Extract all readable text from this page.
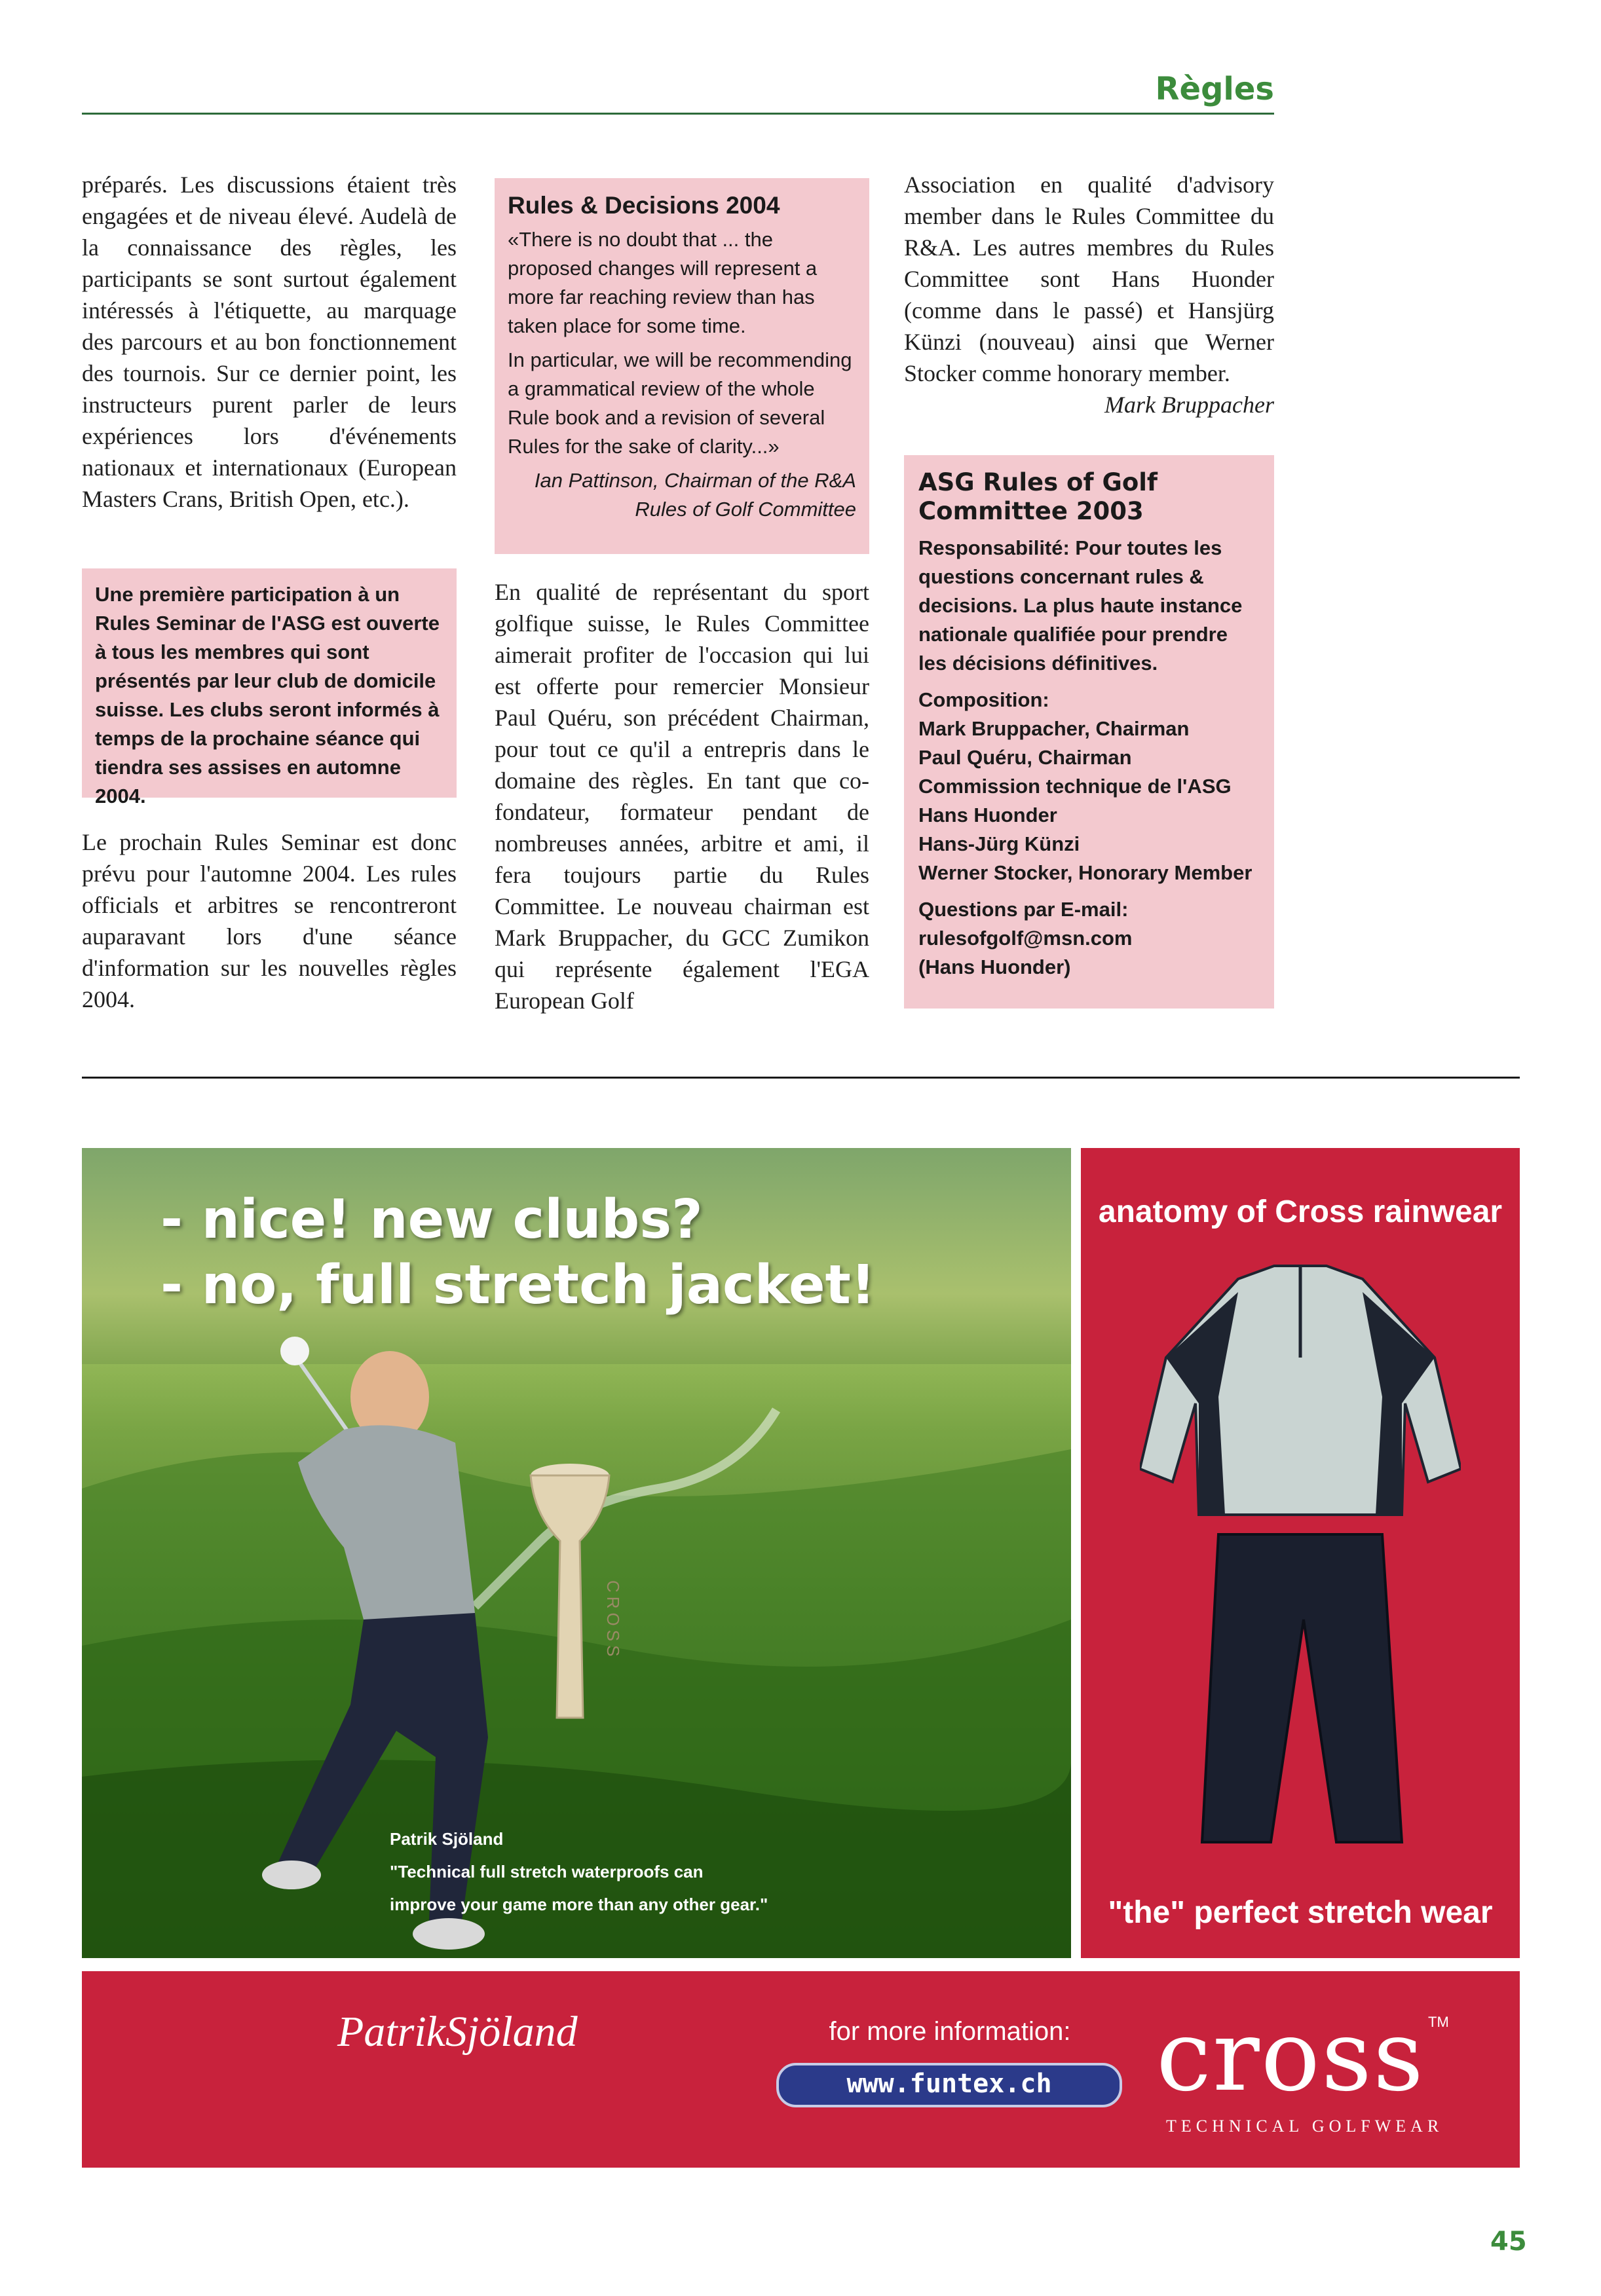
Règles

préparés. Les discussions étaient très engagées et de niveau élevé. Audelà de la connaissance des règles, les participants se sont surtout également intéressés à l'étiquette, au marquage des parcours et au bon fonctionnement des tournois. Sur ce dernier point, les instructeurs purent parler de leurs expériences lors d'événements nationaux et internationaux (European Masters Crans, British Open, etc.).

Une première participation à un Rules Seminar de l'ASG est ouverte à tous les membres qui sont présentés par leur club de domicile suisse. Les clubs seront informés à temps de la prochaine séance qui tiendra ses assises en automne 2004.

Le prochain Rules Seminar est donc prévu pour l'automne 2004. Les rules officials et arbitres se rencontreront auparavant lors d'une séance d'information sur les nouvelles règles 2004.

Rules & Decisions 2004
«There is no doubt that ... the proposed changes will represent a more far reaching review than has taken place for some time.
In particular, we will be recommending a grammatical review of the whole Rule book and a revision of several Rules for the sake of clarity...»
Ian Pattinson, Chairman of the R&A Rules of Golf Committee

En qualité de représentant du sport golfique suisse, le Rules Committee aimerait profiter de l'occasion qui lui est offerte pour remercier Monsieur Paul Quéru, son précédent Chairman, pour tout ce qu'il a entrepris dans le domaine des règles. En tant que co-fondateur, formateur pendant de nombreuses années, arbitre et ami, il fera toujours partie du Rules Committee. Le nouveau chairman est Mark Bruppacher, du GCC Zumikon qui représente également l'EGA European Golf

Association en qualité d'advisory member dans le Rules Committee du R&A. Les autres membres du Rules Committee sont Hans Huonder (comme dans le passé) et Hansjürg Künzi (nouveau) ainsi que Werner Stocker comme honorary member.

Mark Bruppacher
ASG Rules of Golf Committee 2003
Responsabilité: Pour toutes les questions concernant rules & decisions. La plus haute instance nationale qualifiée pour prendre les décisions définitives.
Composition:
Mark Bruppacher, Chairman
Paul Quéru, Chairman
Commission technique de l'ASG
Hans Huonder
Hans-Jürg Künzi
Werner Stocker, Honorary Member
Questions par E-mail:
rulesofgolf@msn.com
(Hans Huonder)
CROSS
- nice! new clubs?
- no, full stretch jacket!
Patrik Sjöland
"Technical full stretch waterproofs can
improve your game more than any other gear."
anatomy of Cross rainwear
"the" perfect stretch wear
PatrikSjöland	for more information:
www.funtex.ch	cross TM
TECHNICAL GOLFWEAR
45
